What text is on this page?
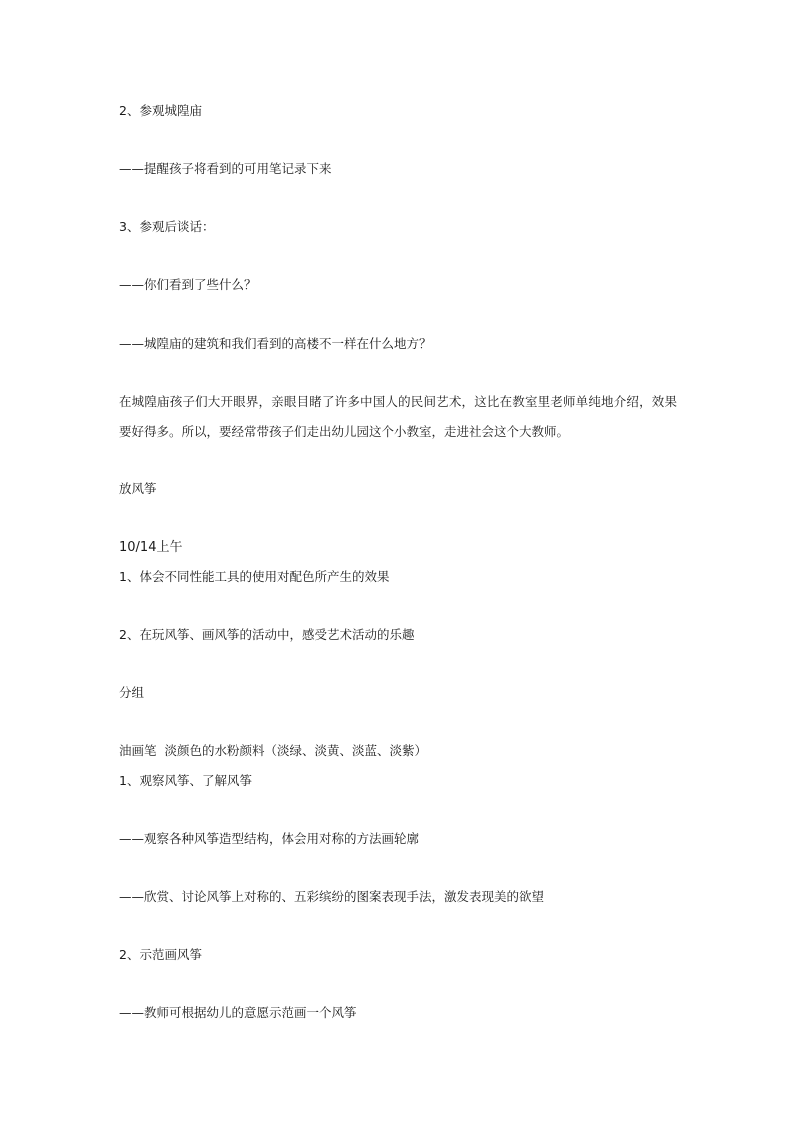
2、参观城隍庙

——提醒孩子将看到的可用笔记录下来

3、参观后谈话：

——你们看到了些什么？

——城隍庙的建筑和我们看到的高楼不一样在什么地方？

在城隍庙孩子们大开眼界，亲眼目睹了许多中国人的民间艺术，这比在教室里老师单纯地介绍，效果要好得多。所以，要经常带孩子们走出幼儿园这个小教室，走进社会这个大教师。

放风筝

10/14上午

1、体会不同性能工具的使用对配色所产生的效果

2、在玩风筝、画风筝的活动中，感受艺术活动的乐趣

分组

油画笔  淡颜色的水粉颜料（淡绿、淡黄、淡蓝、淡紫）

1、观察风筝、了解风筝

——观察各种风筝造型结构，体会用对称的方法画轮廓

——欣赏、讨论风筝上对称的、五彩缤纷的图案表现手法，激发表现美的欲望

2、示范画风筝

——教师可根据幼儿的意愿示范画一个风筝
